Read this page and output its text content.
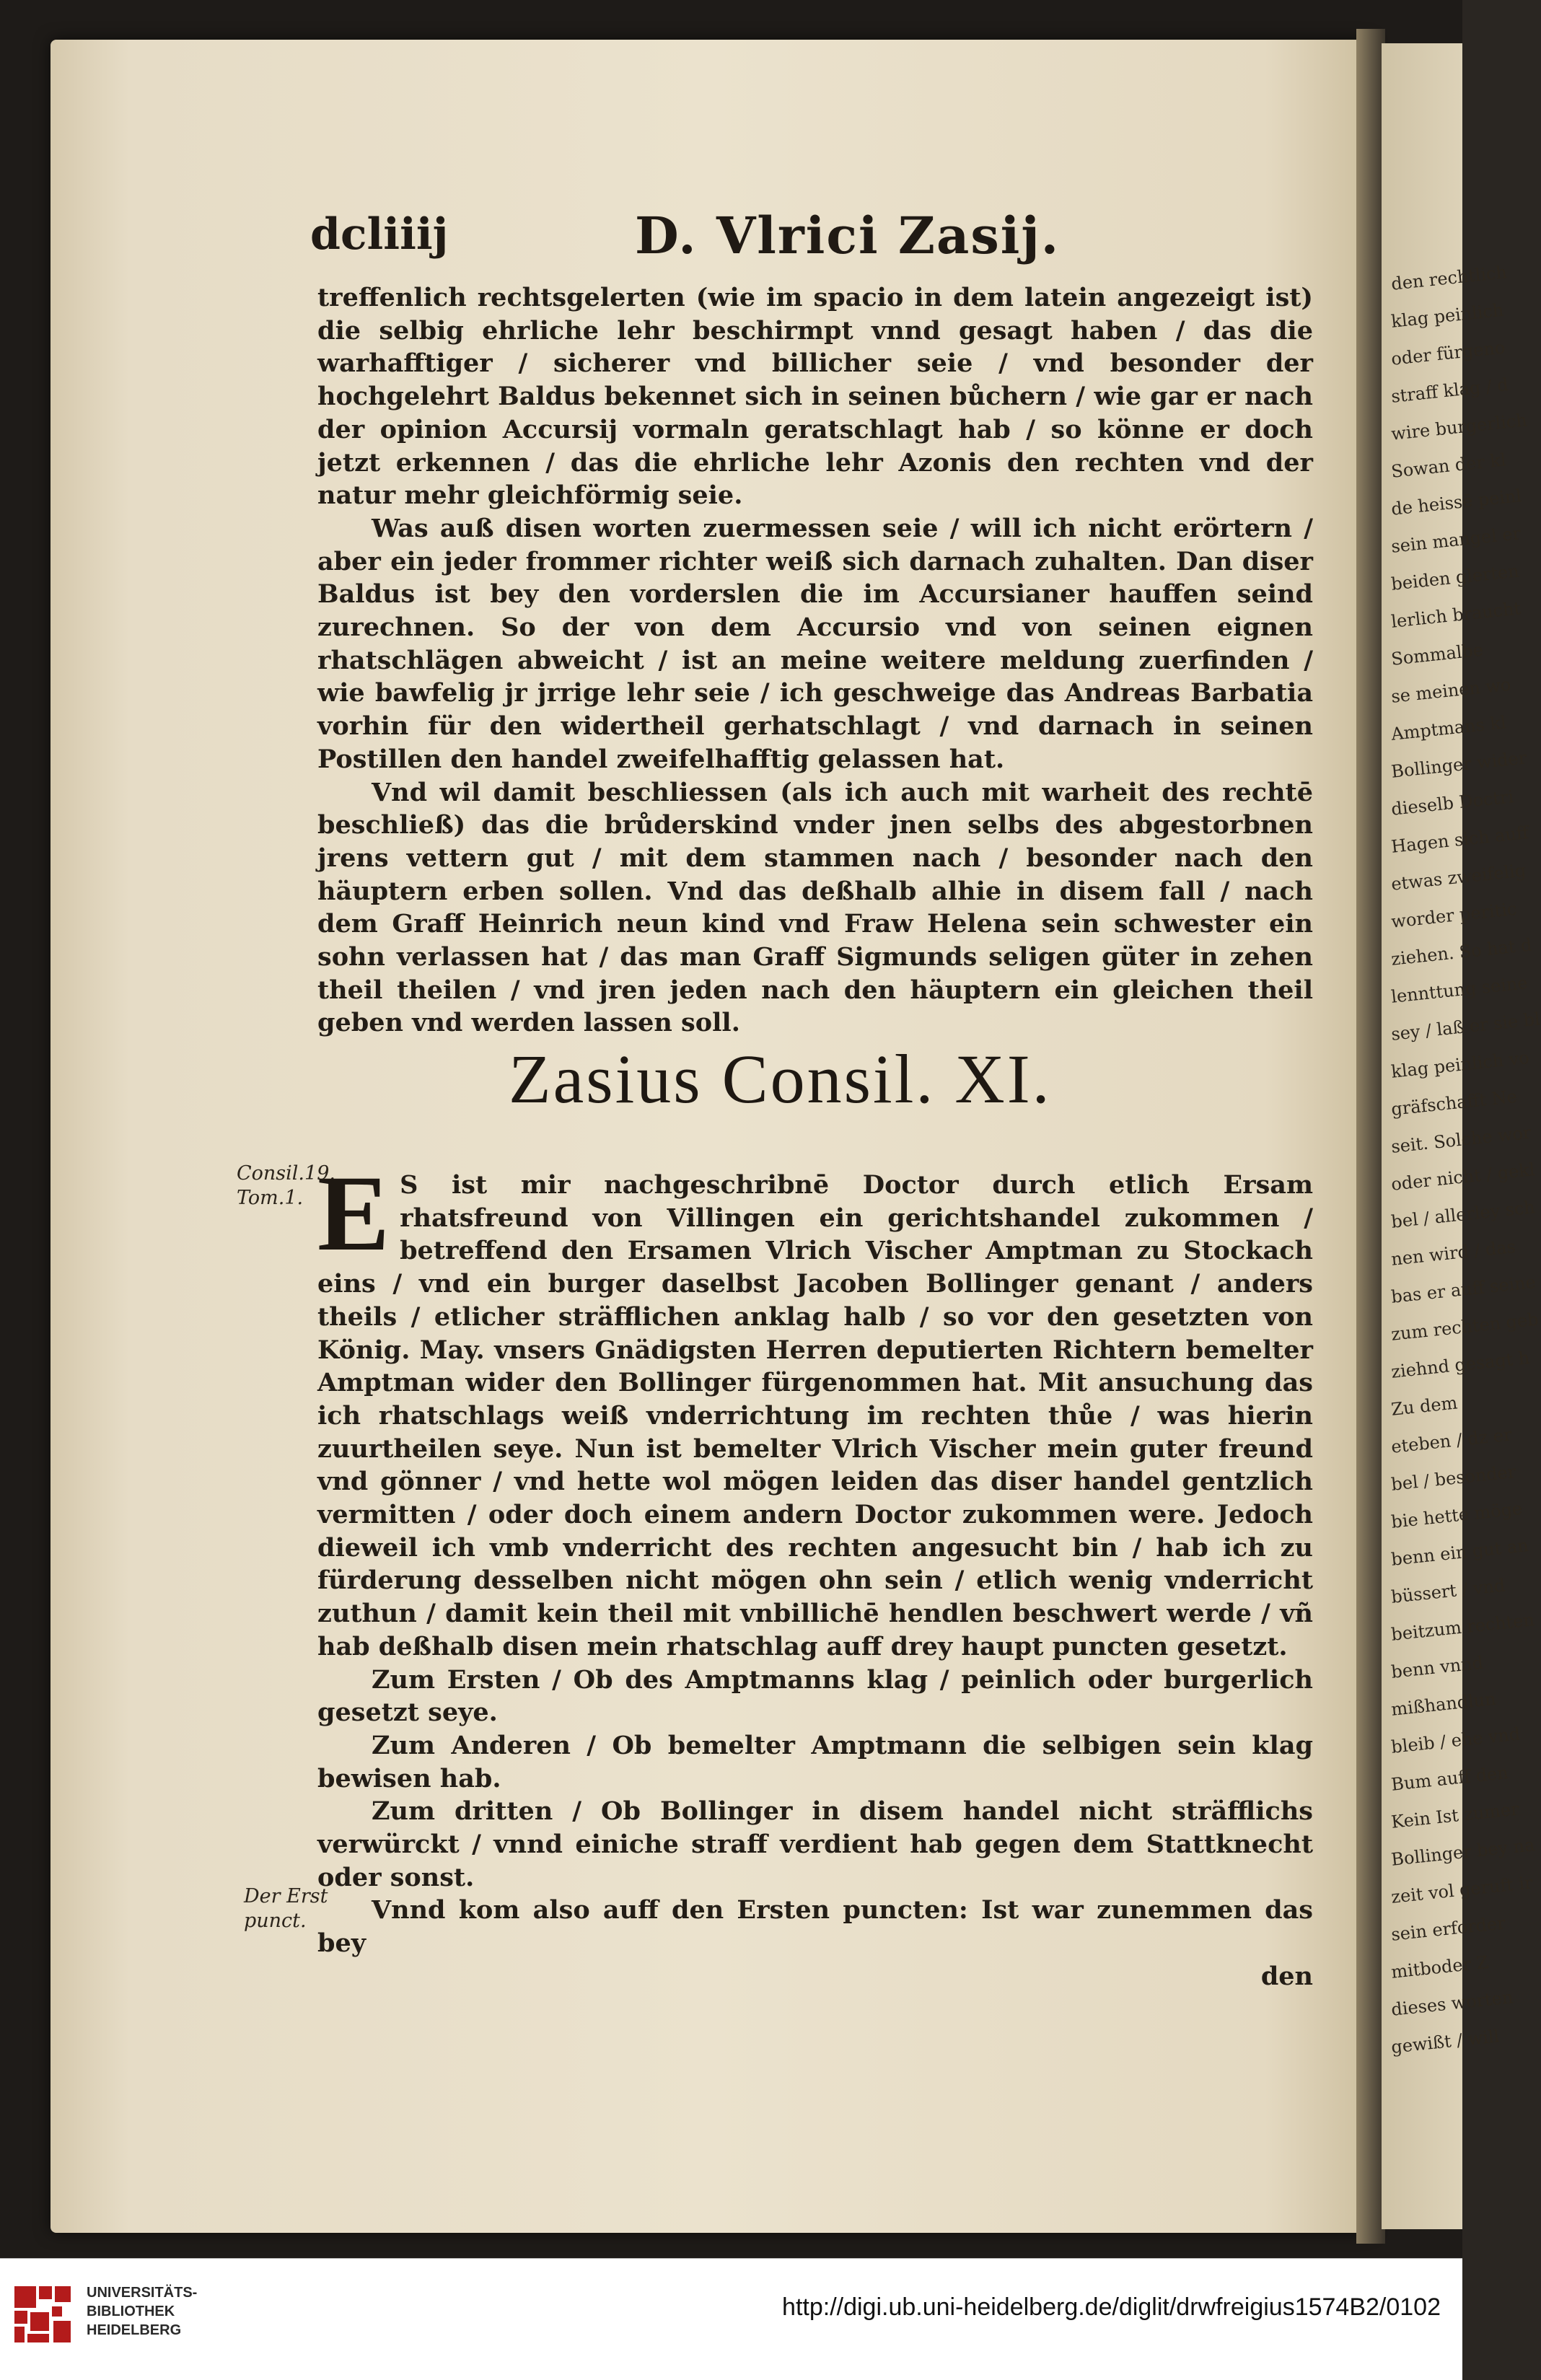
den rechtlich
klag peinlich
oder fürgeno
straff klag / d
wire burgerlich
Sowan der kl
de heissē peinl
sein mangel er
beiden glerten
lerlich braucht
Sommalbe
se meinen wo
Amptmans kl
Bollinger wider
dieselb Doctri
Hagen sich auff
etwas zweifelig
worder peritic
ziehen. So hat d
lennttung seine
sey / laß er sie bl
klag peinlich vo
gräfschafft Ne
seit. Solche wor
oder nicht / gekl
bel / allerley sch
nen wird / das
bas er auff seine
zum rechten geb
ziehnd gesagt h
Zu dem
eteben / dz er
bel / besonder
bie hette möge
benn ein gut an
büssert / vnd
beitzum rechten
benn vnnd
mißhandlun
bleib / ehe vnd
Bum auff den
Kein Ist zumer
Bollinger bey na
zeit vol geruft ir
sein erforder
mitboder Z
dieses worten
gewißt / will
dcliiij	D. Vlrici Zasij.

treffenlich rechtsgelerten (wie im spacio in dem latein angezeigt ist) die selbig ehrliche lehr beschirmpt vnnd gesagt haben / das die warhafftiger / sicherer vnd billicher seie / vnd besonder der hochgelehrt Baldus bekennet sich in seinen bůchern / wie gar er nach der opinion Accursij vormaln geratschlagt hab / so könne er doch jetzt erkennen / das die ehrliche lehr Azonis den rechten vnd der natur mehr gleichförmig seie.

Was auß disen worten zuermessen seie / will ich nicht erörtern / aber ein jeder frommer richter weiß sich darnach zuhalten. Dan diser Baldus ist bey den vorderslen die im Accursianer hauffen seind zurechnen. So der von dem Accursio vnd von seinen eignen rhatschlägen abweicht / ist an meine weitere meldung zuerfinden / wie bawfelig jr jrrige lehr seie / ich geschweige das Andreas Barbatia vorhin für den widertheil gerhatschlagt / vnd darnach in seinen Postillen den handel zweifelhafftig gelassen hat.

Vnd wil damit beschliessen (als ich auch mit warheit des rechtē beschließ) das die brůderskind vnder jnen selbs des abgestorbnen jrens vettern gut / mit dem stammen nach / besonder nach den häuptern erben sollen. Vnd das deßhalb alhie in disem fall / nach dem Graff Heinrich neun kind vnd Fraw Helena sein schwester ein sohn verlassen hat / das man Graff Sigmunds seligen güter in zehen theil theilen / vnd jren jeden nach den häuptern ein gleichen theil geben vnd werden lassen soll.

Zasius Consil. XI.
Consil.19.
Tom.1. E S ist mir nachgeschribnē Doctor durch etlich Ersam rhatsfreund von Villingen ein gerichtshandel zukommen / betreffend den Ersamen Vlrich Vischer Amptman zu Stockach eins / vnd ein burger daselbst Jacoben Bollinger genant / anders theils / etlicher sträfflichen anklag halb / so vor den gesetzten von König. May. vnsers Gnädigsten Herren deputierten Richtern bemelter Amptman wider den Bollinger fürgenommen hat. Mit ansuchung das ich rhatschlags weiß vnderrichtung im rechten thůe / was hierin zuurtheilen seye. Nun ist bemelter Vlrich Vischer mein guter freund vnd gönner / vnd hette wol mögen leiden das diser handel gentzlich vermitten / oder doch einem andern Doctor zukommen were. Jedoch dieweil ich vmb vnderricht des rechten angesucht bin / hab ich zu fürderung desselben nicht mögen ohn sein / etlich wenig vnderricht zuthun / damit kein theil mit vnbillichē hendlen beschwert werde / vñ hab deßhalb disen mein rhatschlag auff drey haupt puncten gesetzt.

Zum Ersten / Ob des Amptmanns klag / peinlich oder burgerlich gesetzt seye.

Zum Anderen / Ob bemelter Amptmann die selbigen sein klag bewisen hab.

Zum dritten / Ob Bollinger in disem handel nicht sträfflichs verwürckt / vnnd einiche straff verdient hab gegen dem Stattknecht oder sonst.

Vnnd kom also auff den Ersten puncten: Ist war zunemmen das bey

den

Der Erst
punct.
UNIVERSITÄTS-
BIBLIOTHEK
HEIDELBERG
http://digi.ub.uni-heidelberg.de/diglit/drwfreigius1574B2/0102
